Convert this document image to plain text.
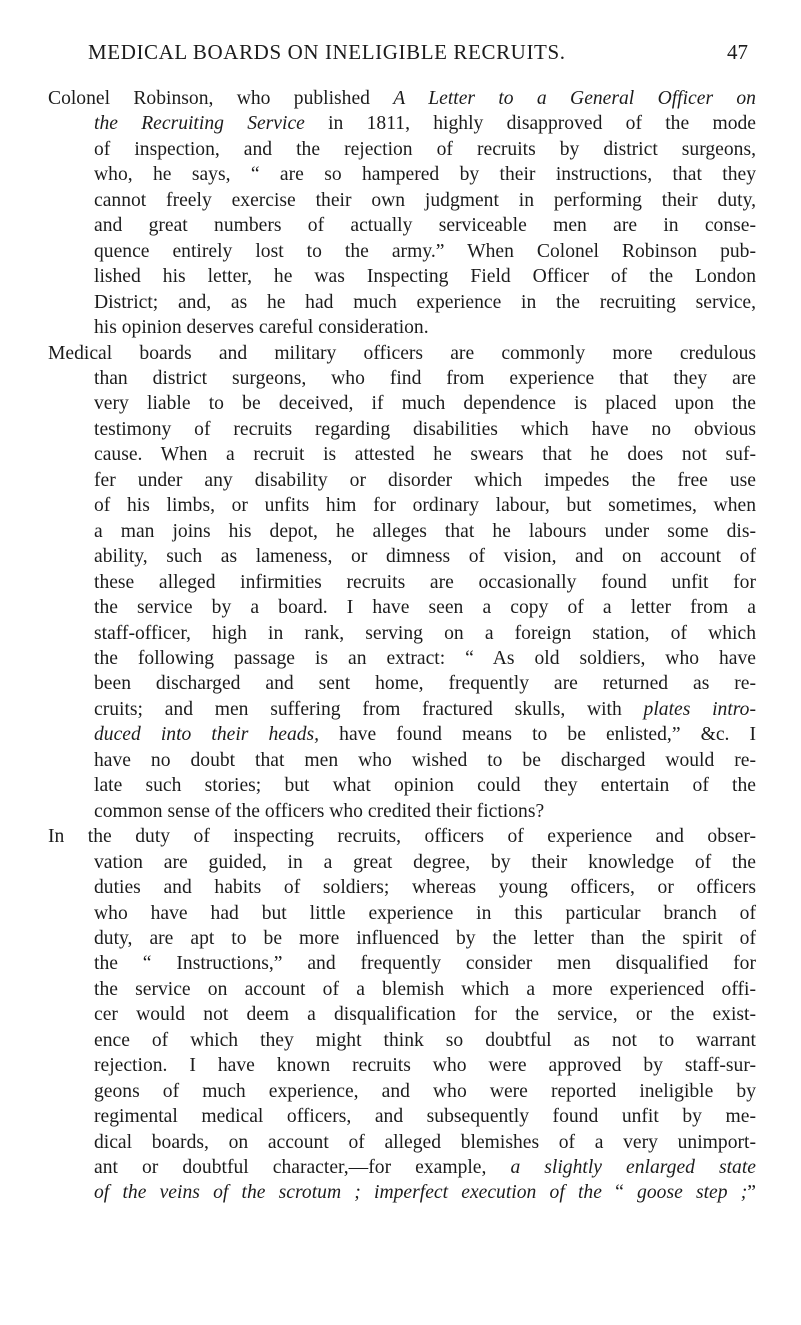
MEDICAL BOARDS ON INELIGIBLE RECRUITS.	47
Colonel Robinson, who published A Letter to a General Officer on
the Recruiting Service in 1811, highly disapproved of the mode
of inspection, and the rejection of recruits by district surgeons,
who, he says, “ are so hampered by their instructions, that they
cannot freely exercise their own judgment in performing their duty,
and great numbers of actually serviceable men are in conse-
quence entirely lost to the army.” When Colonel Robinson pub-
lished his letter, he was Inspecting Field Officer of the London
District; and, as he had much experience in the recruiting service,
his opinion deserves careful consideration.
Medical boards and military officers are commonly more credulous
than district surgeons, who find from experience that they are
very liable to be deceived, if much dependence is placed upon the
testimony of recruits regarding disabilities which have no obvious
cause. When a recruit is attested he swears that he does not suf-
fer under any disability or disorder which impedes the free use
of his limbs, or unfits him for ordinary labour, but sometimes, when
a man joins his depot, he alleges that he labours under some dis-
ability, such as lameness, or dimness of vision, and on account of
these alleged infirmities recruits are occasionally found unfit for
the service by a board. I have seen a copy of a letter from a
staff-officer, high in rank, serving on a foreign station, of which
the following passage is an extract: “ As old soldiers, who have
been discharged and sent home, frequently are returned as re-
cruits; and men suffering from fractured skulls, with plates intro-
duced into their heads, have found means to be enlisted,” &c. I
have no doubt that men who wished to be discharged would re-
late such stories; but what opinion could they entertain of the
common sense of the officers who credited their fictions?
In the duty of inspecting recruits, officers of experience and obser-
vation are guided, in a great degree, by their knowledge of the
duties and habits of soldiers; whereas young officers, or officers
who have had but little experience in this particular branch of
duty, are apt to be more influenced by the letter than the spirit of
the “ Instructions,” and frequently consider men disqualified for
the service on account of a blemish which a more experienced offi-
cer would not deem a disqualification for the service, or the exist-
ence of which they might think so doubtful as not to warrant
rejection. I have known recruits who were approved by staff-sur-
geons of much experience, and who were reported ineligible by
regimental medical officers, and subsequently found unfit by me-
dical boards, on account of alleged blemishes of a very unimport-
ant or doubtful character,—for example, a slightly enlarged state
of the veins of the scrotum ; imperfect execution of the “ goose step ;”
